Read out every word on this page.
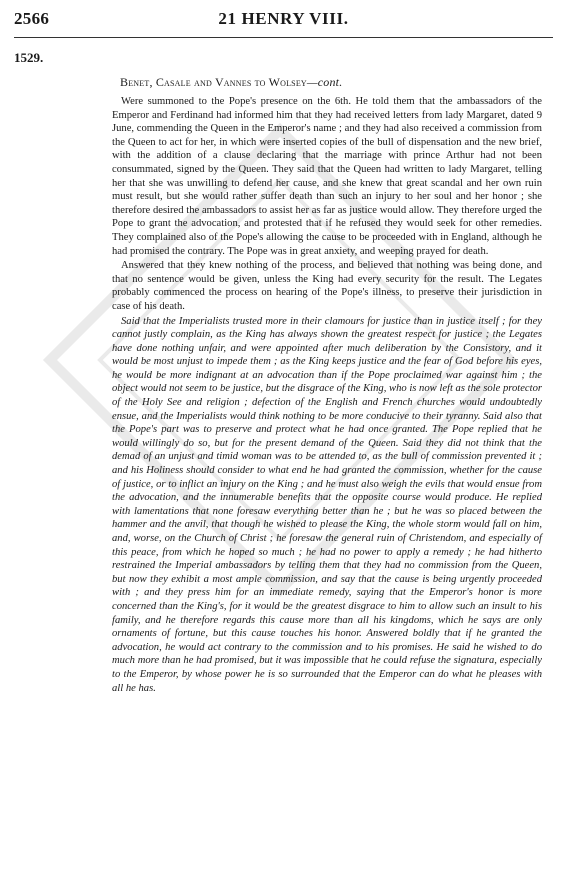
2566	21 HENRY VIII.
1529.
Benet, Casale and Vannes to Wolsey—cont.

Were summoned to the Pope's presence on the 6th. He told them that the ambassadors of the Emperor and Ferdinand had informed him that they had received letters from lady Margaret, dated 9 June, commending the Queen in the Emperor's name ; and they had also received a commission from the Queen to act for her, in which were inserted copies of the bull of dispensation and the new brief, with the addition of a clause declaring that the marriage with prince Arthur had not been consummated, signed by the Queen. They said that the Queen had written to lady Margaret, telling her that she was unwilling to defend her cause, and she knew that great scandal and her own ruin must result, but she would rather suffer death than such an injury to her soul and her honor ; she therefore desired the ambassadors to assist her as far as justice would allow. They therefore urged the Pope to grant the advocation, and protested that if he refused they would seek for other remedies. They complained also of the Pope's allowing the cause to be proceeded with in England, although he had promised the contrary. The Pope was in great anxiety, and weeping prayed for death.

Answered that they knew nothing of the process, and believed that nothing was being done, and that no sentence would be given, unless the King had every security for the result. The Legates probably commenced the process on hearing of the Pope's illness, to preserve their jurisdiction in case of his death.

Said that the Imperialists trusted more in their clamours for justice than in justice itself ; for they cannot justly complain, as the King has always shown the greatest respect for justice ; the Legates have done nothing unfair, and were appointed after much deliberation by the Consistory, and it would be most unjust to impede them ; as the King keeps justice and the fear of God before his eyes, he would be more indignant at an advocation than if the Pope proclaimed war against him ; the object would not seem to be justice, but the disgrace of the King, who is now left as the sole protector of the Holy See and religion ; defection of the English and French churches would undoubtedly ensue, and the Imperialists would think nothing to be more conducive to their tyranny. Said also that the Pope's part was to preserve and protect what he had once granted. The Pope replied that he would willingly do so, but for the present demand of the Queen. Said they did not think that the demad of an unjust and timid woman was to be attended to, as the bull of commission prevented it ; and his Holiness should consider to what end he had granted the commission, whether for the cause of justice, or to inflict an injury on the King ; and he must also weigh the evils that would ensue from the advocation, and the innumerable benefits that the opposite course would produce. He replied with lamentations that none foresaw everything better than he ; but he was so placed between the hammer and the anvil, that though he wished to please the King, the whole storm would fall on him, and, worse, on the Church of Christ ; he foresaw the general ruin of Christendom, and especially of this peace, from which he hoped so much ; he had no power to apply a remedy ; he had hitherto restrained the Imperial ambassadors by telling them that they had no commission from the Queen, but now they exhibit a most ample commission, and say that the cause is being urgently proceeded with ; and they press him for an immediate remedy, saying that the Emperor's honor is more concerned than the King's, for it would be the greatest disgrace to him to allow such an insult to his family, and he therefore regards this cause more than all his kingdoms, which he says are only ornaments of fortune, but this cause touches his honor. Answered boldly that if he granted the advocation, he would act contrary to the commission and to his promises. He said he wished to do much more than he had promised, but it was impossible that he could refuse the signatura, especially to the Emperor, by whose power he is so surrounded that the Emperor can do what he pleases with all he has.
